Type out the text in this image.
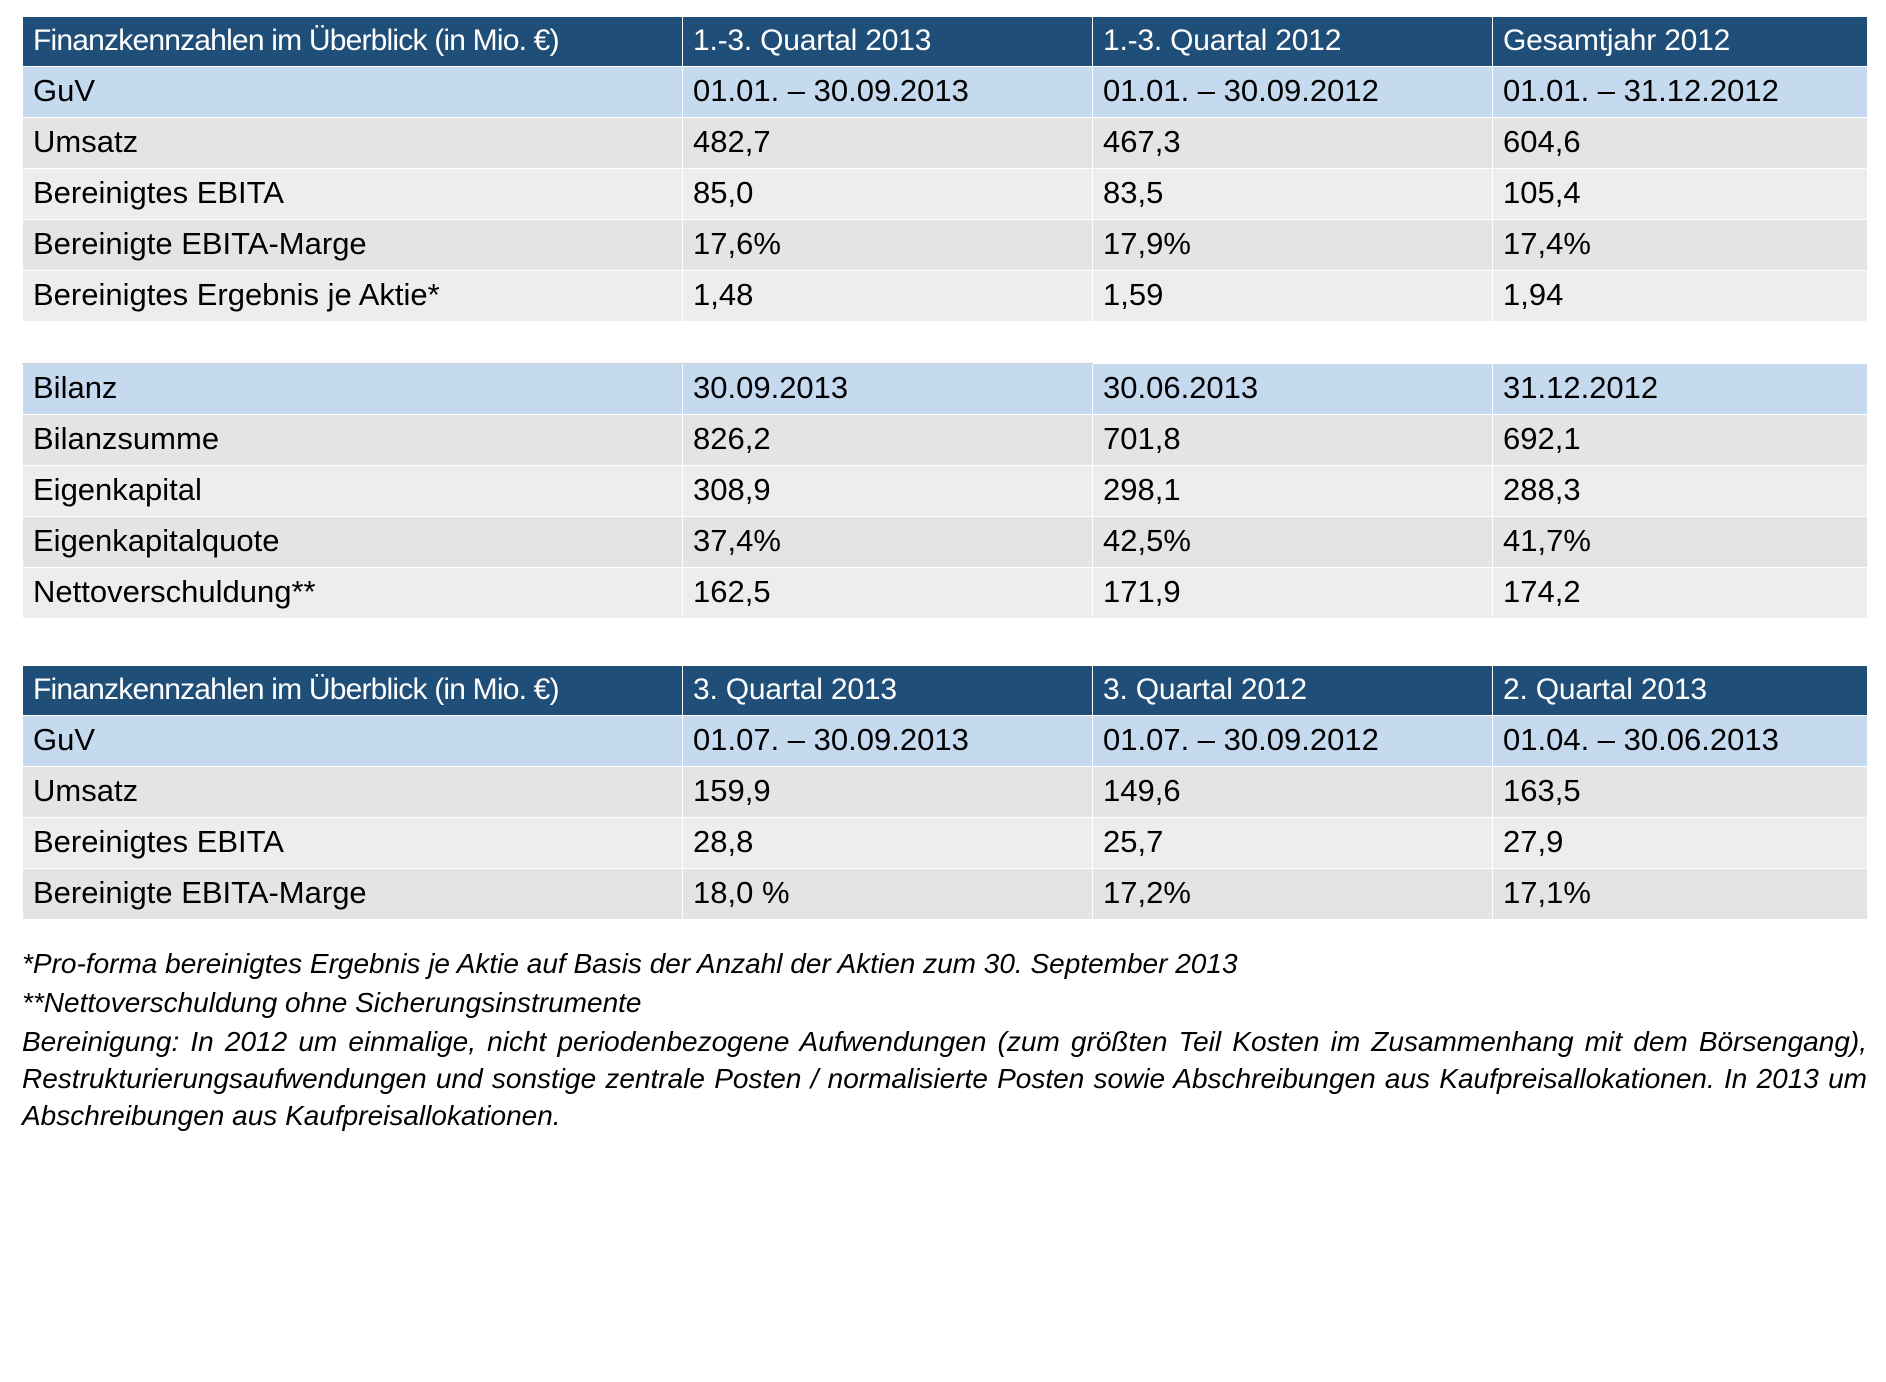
Finanzkennzahlen im Überblick (in Mio. €)	1.-3. Quartal 2013	1.-3. Quartal 2012	Gesamtjahr 2012
GuV	01.01. – 30.09.2013	01.01. – 30.09.2012	01.01. – 31.12.2012
Umsatz	482,7	467,3	604,6
Bereinigtes EBITA	85,0	83,5	105,4
Bereinigte EBITA-Marge	17,6%	17,9%	17,4%
Bereinigtes Ergebnis je Aktie*	1,48	1,59	1,94

Bilanz	30.09.2013	30.06.2013	31.12.2012
Bilanzsumme	826,2	701,8	692,1
Eigenkapital	308,9	298,1	288,3
Eigenkapitalquote	37,4%	42,5%	41,7%
Nettoverschuldung**	162,5	171,9	174,2
Finanzkennzahlen im Überblick (in Mio. €)	3. Quartal 2013	3. Quartal 2012	2. Quartal 2013
GuV	01.07. – 30.09.2013	01.07. – 30.09.2012	01.04. – 30.06.2013
Umsatz	159,9	149,6	163,5
Bereinigtes EBITA	28,8	25,7	27,9
Bereinigte EBITA-Marge	18,0 %	17,2%	17,1%

*Pro-forma bereinigtes Ergebnis je Aktie auf Basis der Anzahl der Aktien zum 30. September 2013

**Nettoverschuldung ohne Sicherungsinstrumente

Bereinigung: In 2012 um einmalige, nicht periodenbezogene Aufwendungen (zum größten Teil Kosten im Zusammenhang mit dem Börsengang), Restrukturierungsaufwendungen und sonstige zentrale Posten / normalisierte Posten sowie Abschreibungen aus Kaufpreisallokationen. In 2013 um Abschreibungen aus Kaufpreisallokationen.
